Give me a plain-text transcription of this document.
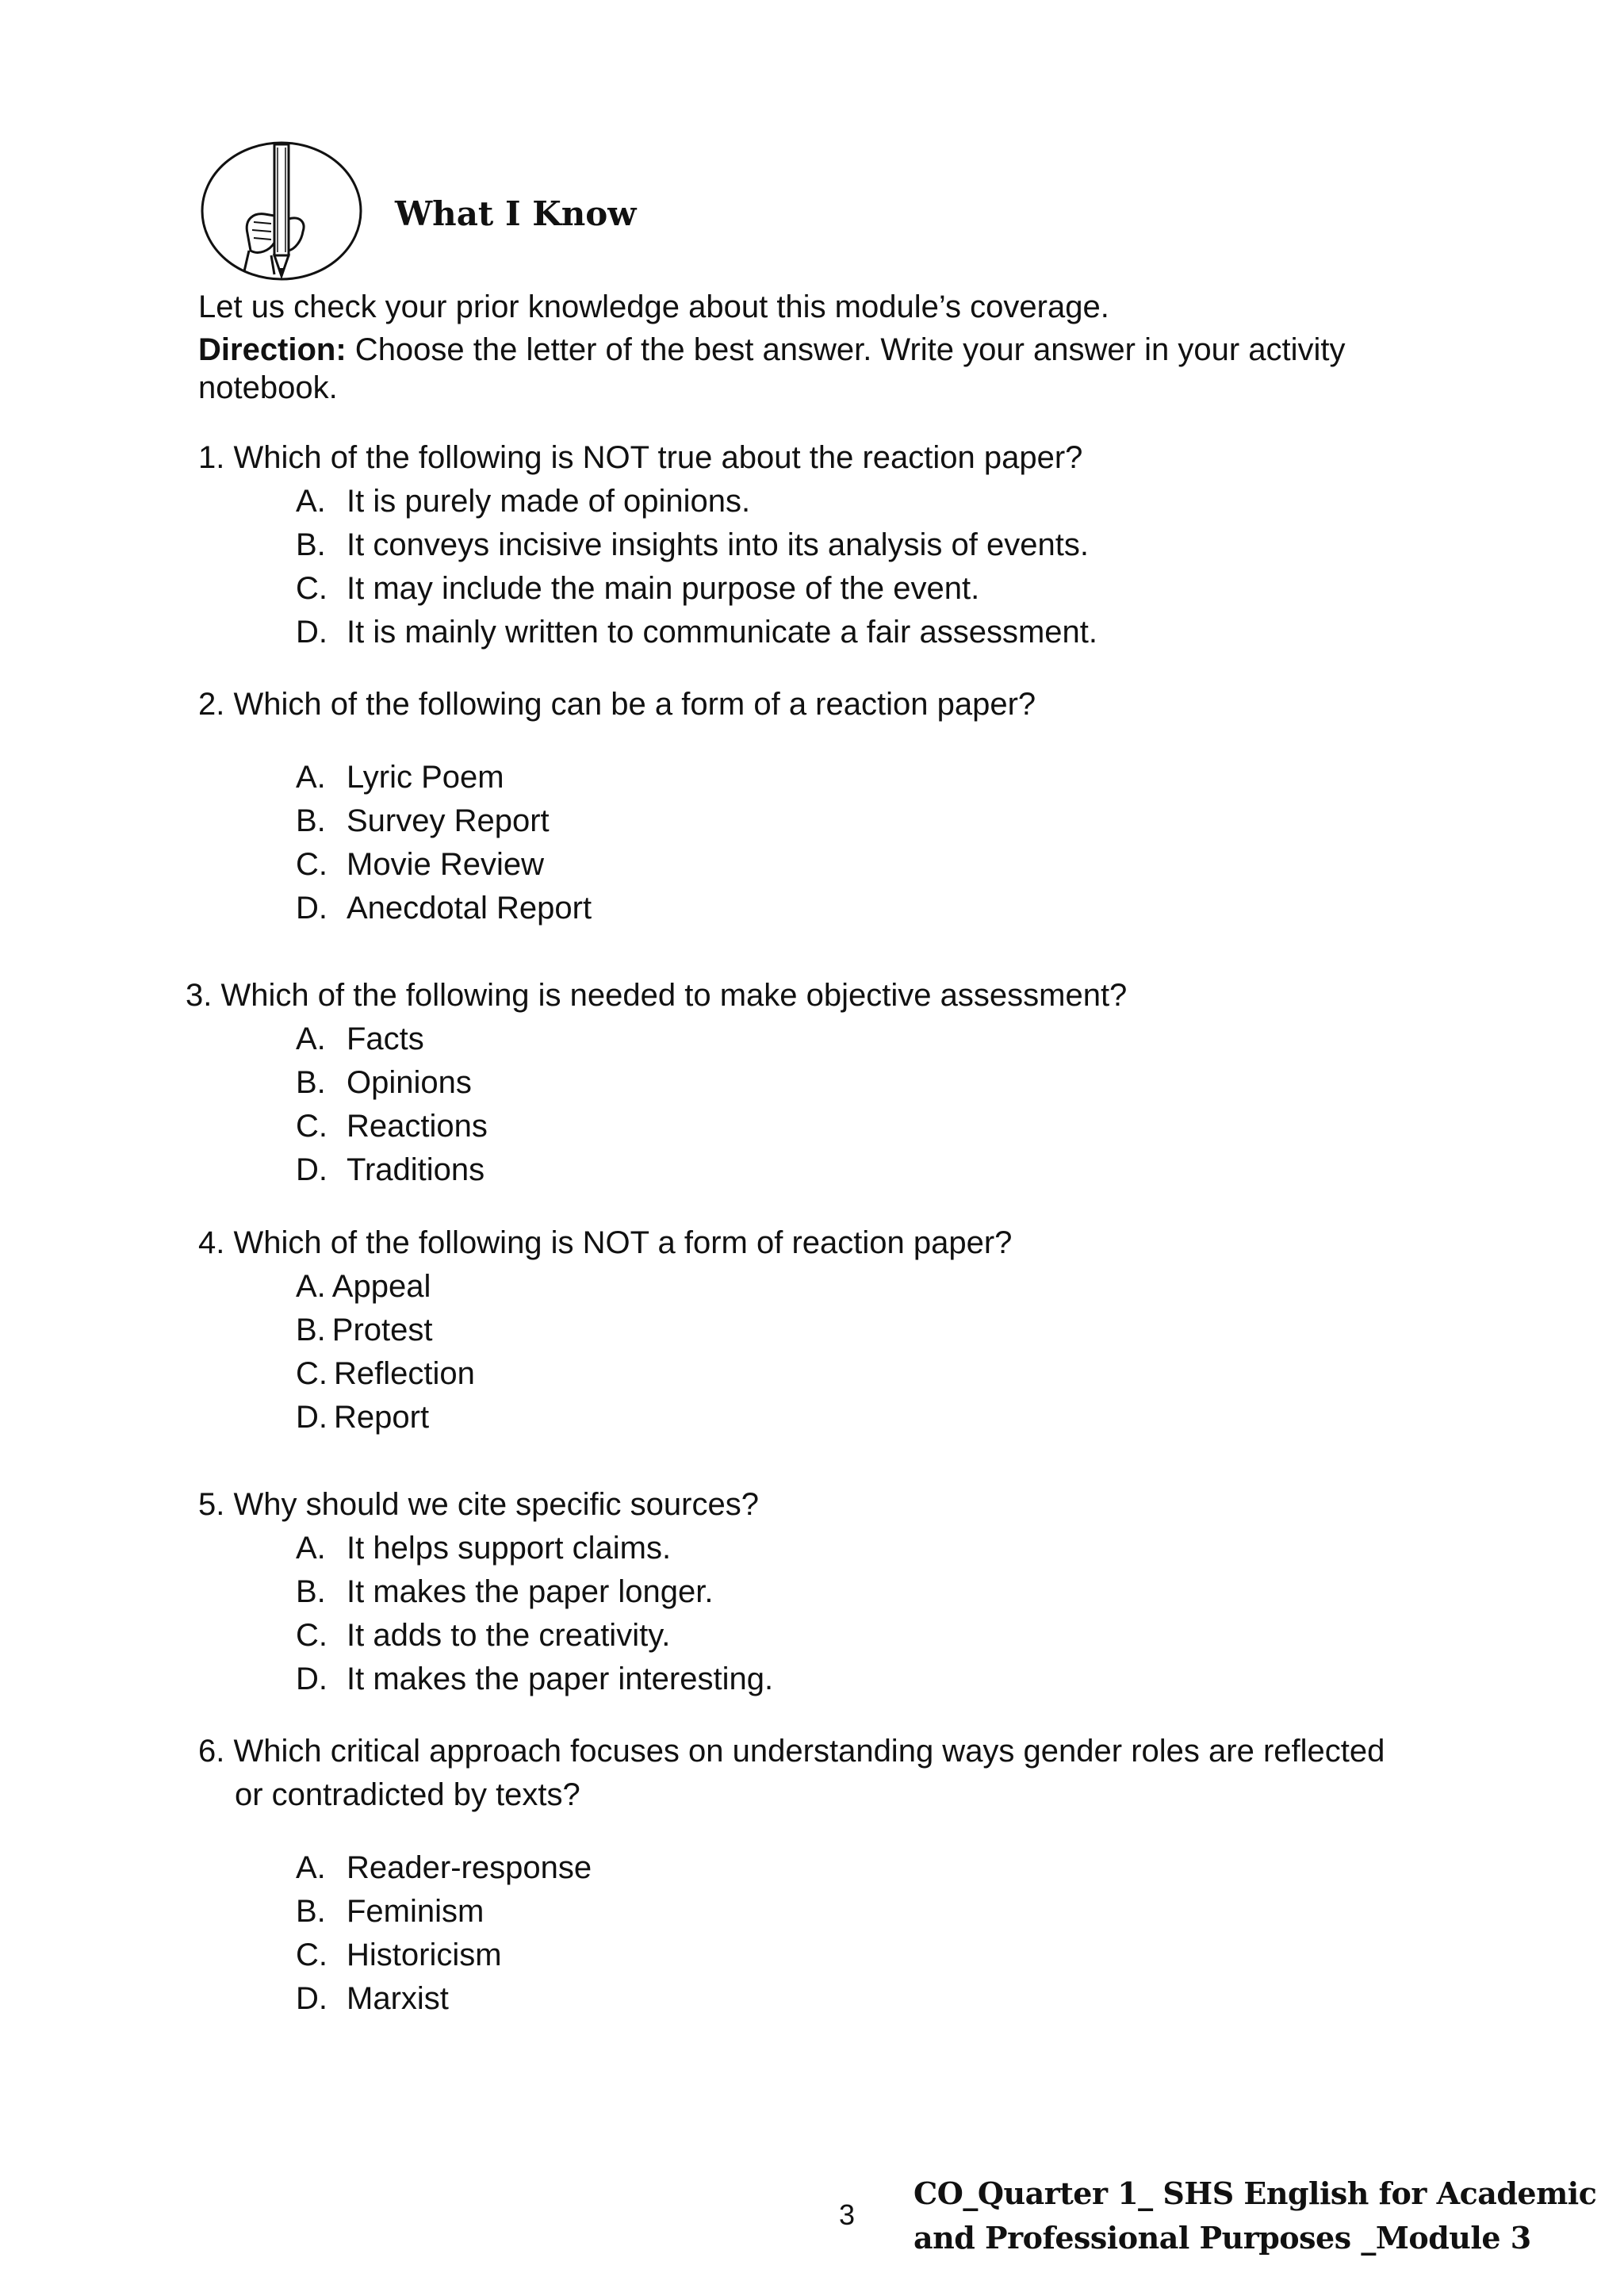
What I Know
Let us check your prior knowledge about this module’s coverage.
Direction: Choose the letter of the best answer. Write your answer in your activity
notebook.
1. Which of the following is NOT true about the reaction paper?
A. It is purely made of opinions.
B. It conveys incisive insights into its analysis of events.
C. It may include the main purpose of the event.
D. It is mainly written to communicate a fair assessment.
2. Which of the following can be a form of a reaction paper?
A. Lyric Poem
B. Survey Report
C. Movie Review
D. Anecdotal Report
3. Which of the following is needed to make objective assessment?
A. Facts
B. Opinions
C. Reactions
D. Traditions
4. Which of the following is NOT a form of reaction paper?
A. Appeal
B. Protest
C. Reflection
D. Report
5. Why should we cite specific sources?
A. It helps support claims.
B. It makes the paper longer.
C. It adds to the creativity.
D. It makes the paper interesting.
6. Which critical approach focuses on understanding ways gender roles are reflected
or contradicted by texts?
A. Reader-response
B. Feminism
C. Historicism
D. Marxist
3
CO_Quarter 1_ SHS English for Academic
and Professional Purposes _Module 3
